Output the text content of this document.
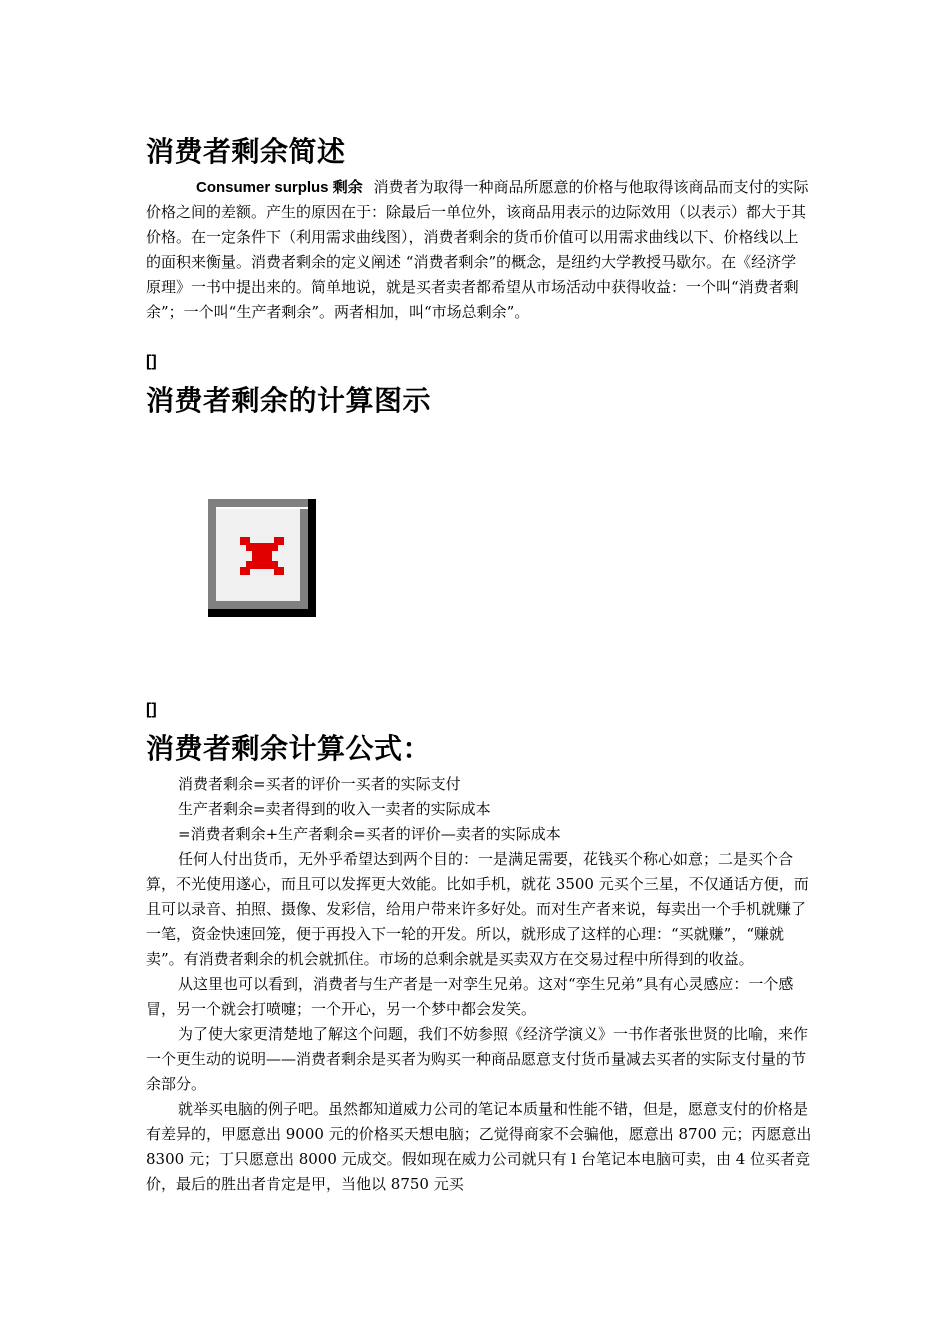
消费者剩余简述

Consumer surplus 剩余 消费者为取得一种商品所愿意的价格与他取得该商品而支付的实际价格之间的差额。产生的原因在于：除最后一单位外，该商品用表示的边际效用（以表示）都大于其价格。在一定条件下（利用需求曲线图），消费者剩余的货币价值可以用需求曲线以下、价格线以上的面积来衡量。消费者剩余的定义阐述 “消费者剩余”的概念，是纽约大学教授马歇尔。在《经济学原理》一书中提出来的。简单地说，就是买者卖者都希望从市场活动中获得收益：一个叫“消费者剩余”；一个叫“生产者剩余”。两者相加，叫“市场总剩余”。

[]
消费者剩余的计算图示
[]
消费者剩余计算公式：

消费者剩余=买者的评价一买者的实际支付

生产者剩余=卖者得到的收入一卖者的实际成本

=消费者剩余+生产者剩余=买者的评价—卖者的实际成本

任何人付出货币，无外乎希望达到两个目的：一是满足需要，花钱买个称心如意；二是买个合算，不光使用遂心，而且可以发挥更大效能。比如手机，就花 3500 元买个三星，不仅通话方便，而且可以录音、拍照、摄像、发彩信，给用户带来许多好处。而对生产者来说，每卖出一个手机就赚了一笔，资金快速回笼，便于再投入下一轮的开发。所以，就形成了这样的心理：“买就赚”，“赚就卖”。有消费者剩余的机会就抓住。市场的总剩余就是买卖双方在交易过程中所得到的收益。

从这里也可以看到，消费者与生产者是一对孪生兄弟。这对“孪生兄弟”具有心灵感应：一个感冒，另一个就会打喷嚏；一个开心，另一个梦中都会发笑。

为了使大家更清楚地了解这个问题，我们不妨参照《经济学演义》一书作者张世贤的比喻，来作一个更生动的说明——消费者剩余是买者为购买一种商品愿意支付货币量减去买者的实际支付量的节余部分。

就举买电脑的例子吧。虽然都知道威力公司的笔记本质量和性能不错，但是，愿意支付的价格是有差异的，甲愿意出 9000 元的价格买天想电脑；乙觉得商家不会骗他，愿意出 8700 元；丙愿意出 8300 元；丁只愿意出 8000 元成交。假如现在威力公司就只有 l 台笔记本电脑可卖，由 4 位买者竞价，最后的胜出者肯定是甲，当他以 8750 元买
